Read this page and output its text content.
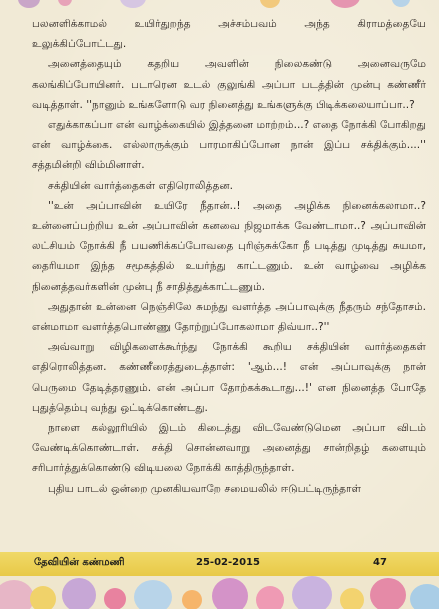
பலனளிக்காமல் உயிர்துறந்த அச்சம்பவம் அந்த கிராமத்தையே உலுக்கிப்போட்டது.

அனைத்தையும் கதறிய அவளின் நிலைகண்டு அனைவருமே கலங்கிப்போயினர். படாரென உடல் குலுங்கி அப்பா படத்தின் முன்பு கண்ணீர் வடித்தாள். ''நானும் உங்களோடு வர நினைத்து உங்களுக்கு பிடிக்கலையாப்பா..?

எதுக்காகப்பா என் வாழ்க்கையில் இத்தனை மாற்றம்...? எதை நோக்கி போகிறது என் வாழ்க்கை. எல்லாருக்கும் பாரமாகிப்போன நான் இப்ப சக்திக்கும்....'' சத்தமின்றி விம்மினாள்.

சக்தியின் வார்த்தைகள் எதிரொலித்தன.

''உன் அப்பாவின் உயிரே நீதான்..! அதை அழிக்க நினைக்கலாமா..? உன்னைப்பற்றிய உன் அப்பாவின் கனவை நிஜமாக்க வேண்டாமா..? அப்பாவின் லட்சியம் நோக்கி நீ பயணிக்கப்போவதை புரிஞ்சுக்கோ நீ படித்து முடித்து சுயமா, தைரியமா இந்த சமூகத்தில் உயர்ந்து காட்டணும். உன் வாழ்வை அழிக்க நினைத்தவர்களின் முன்பு நீ சாதித்துக்காட்டணும்.

அதுதான் உன்னை நெஞ்சிலே சுமந்து வளர்த்த அப்பாவுக்கு நீதரும் சந்தோசம். என்மாமா வளர்த்தபொண்ணு தோற்றுப்போகலாமா திவ்யா..?''

அவ்வாறு விழிகளைக்கூர்ந்து நோக்கி கூறிய சக்தியின் வார்த்தைகள் எதிரொலித்தன. கண்ணீரைத்துடைத்தாள்: 'ஆம்...! என் அப்பாவுக்கு நான் பெருமை தேடித்தரணும். என் அப்பா தோற்கக்கூடாது...!' என நினைத்த போதே புதுத்தெம்பு வந்து ஒட்டிக்கொண்டது.

நாளை கல்லூரியில் இடம் கிடைத்து விடவேண்டுமென அப்பா விடம் வேண்டிக்கொண்டாள். சக்தி சொன்னவாறு அனைத்து சான்றிதழ் களையும் சரிபார்த்துக்கொண்டு விடியலை நோக்கி காத்திருந்தாள்.

புதிய பாடல் ஒன்றை முனகியவாறே சமையலில் ஈடுபட்டிருந்தாள்

தேவியின் கண்மணி	25-02-2015	47
